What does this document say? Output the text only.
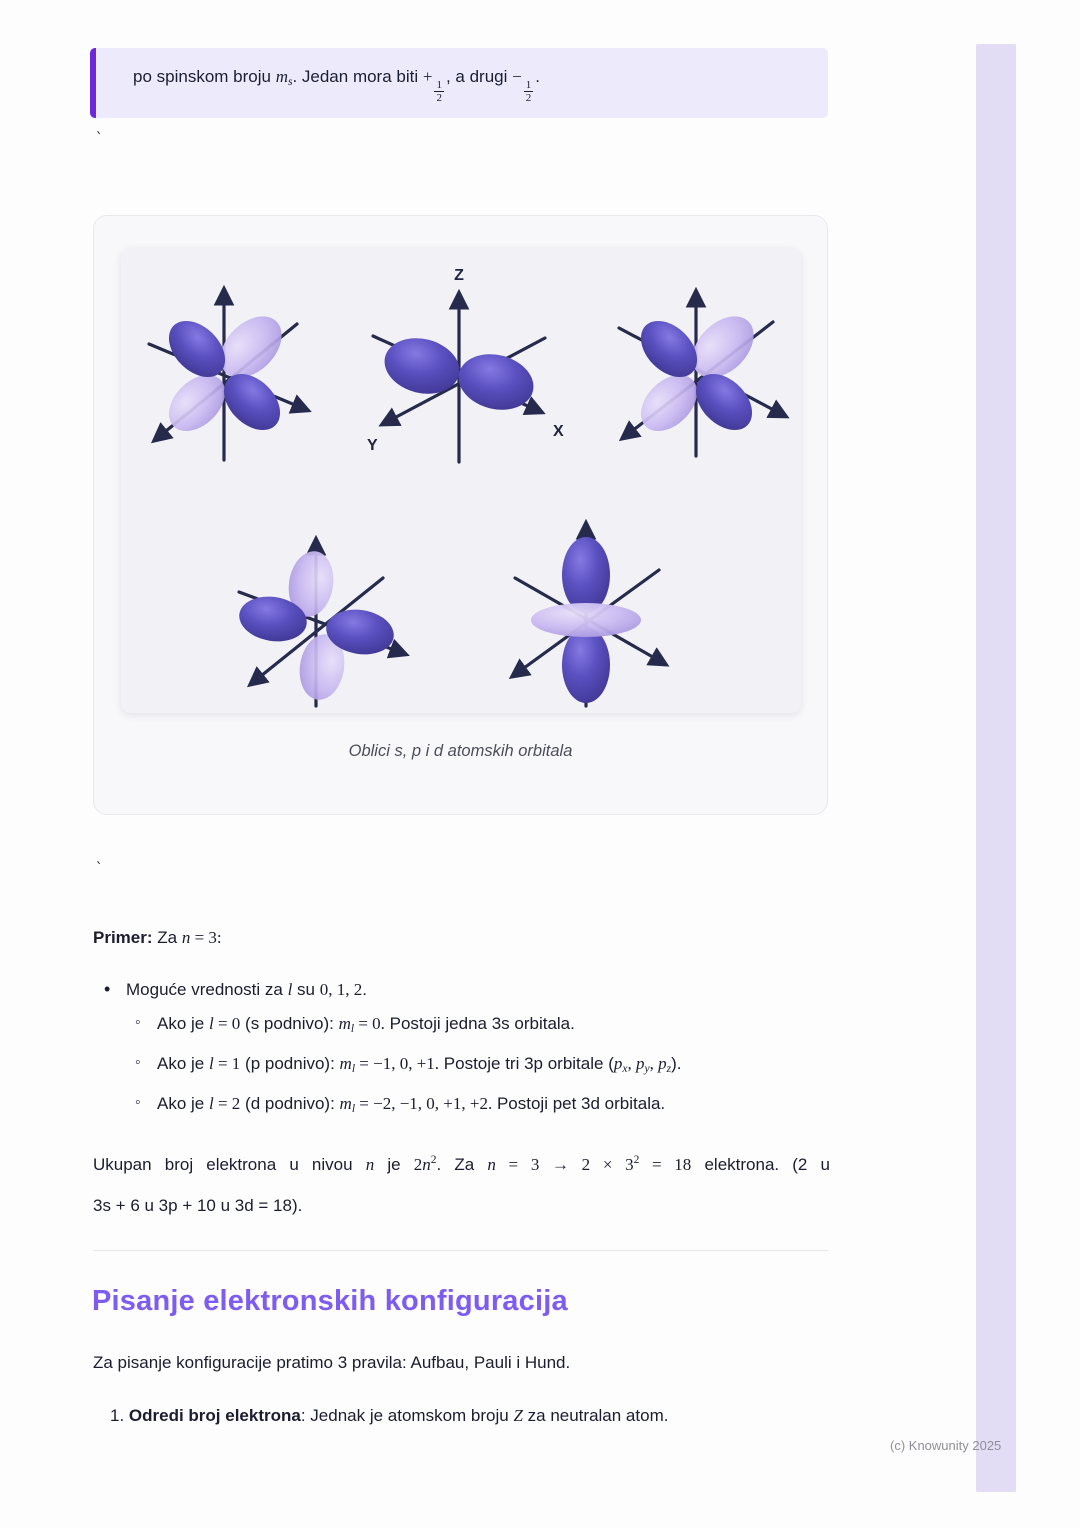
po spinskom broju ms. Jedan mora biti +
$\frac{1}{2}$
, a drugi −
$\frac{1}{2}$
.
`
Z
X
Y
Oblici s, p i d atomskih orbitala
`
Primer: Za n = 3:
• Moguće vrednosti za l su 0, 1, 2.
◦ Ako je l = 0 (s podnivo): ml = 0. Postoji jedna 3s orbitala.
◦ Ako je l = 1 (p podnivo): ml = −1, 0, +1. Postoje tri 3p orbitale (px, py, pz).
◦ Ako je l = 2 (d podnivo): ml = −2, −1, 0, +1, +2. Postoji pet 3d orbitala.
Ukupan broj elektrona u nivou n je $2n^2$. Za $n = 3 \to 2 \times 3^2 = 18$ elektrona. (2 u
3s + 6 u 3p + 10 u 3d = 18).
Pisanje elektronskih konfiguracija
Za pisanje konfiguracije pratimo 3 pravila: Aufbau, Pauli i Hund.
1. Odredi broj elektrona: Jednak je atomskom broju Z za neutralan atom.
(c) Knowunity 2025
